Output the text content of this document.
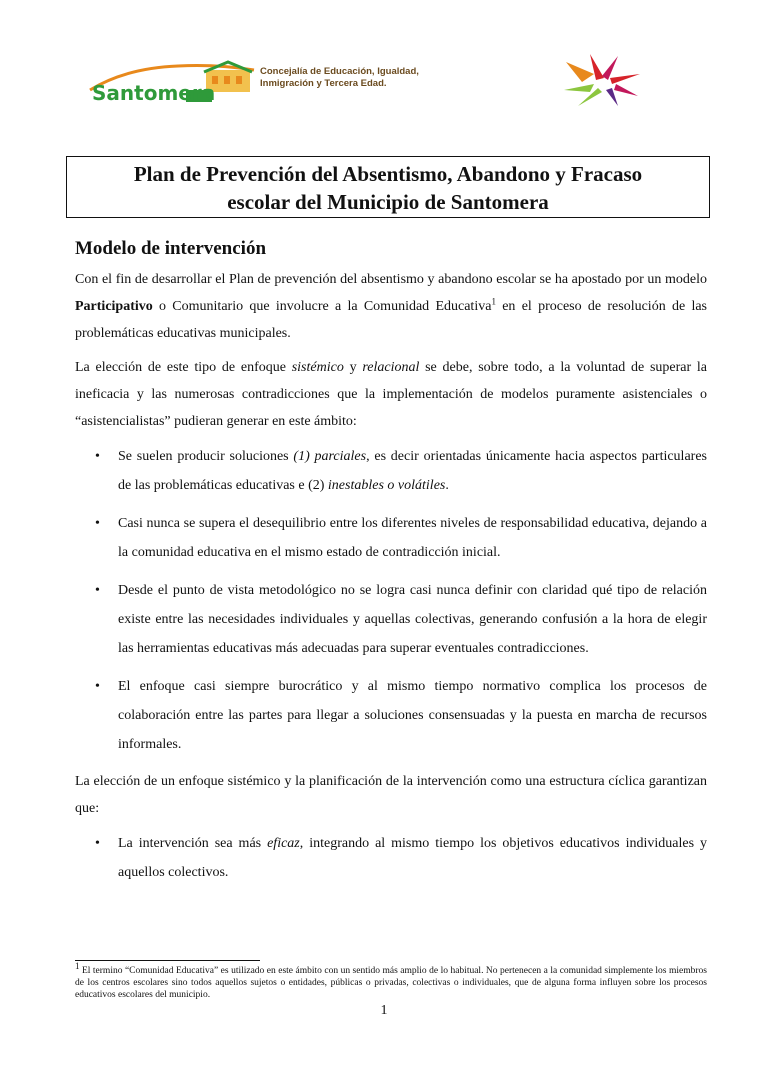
Santomera
Concejalía de Educación, Igualdad,
Inmigración y Tercera Edad.
Plan de Prevención del Absentismo, Abandono y Fracaso
escolar del Municipio de Santomera
Modelo de intervención

Con el fin de desarrollar el Plan de prevención del absentismo y abandono escolar se ha apostado por un modelo Participativo o Comunitario que involucre a la Comunidad Educativa$^1$ en el proceso de resolución de las problemáticas educativas municipales.

La elección de este tipo de enfoque sistémico y relacional se debe, sobre todo, a la voluntad de superar la ineficacia y las numerosas contradicciones que la implementación de modelos puramente asistenciales o “asistencialistas” pudieran generar en este ámbito:

• Se suelen producir soluciones (1) parciales, es decir orientadas únicamente hacia aspectos particulares de las problemáticas educativas e (2) inestables o volátiles.
• Casi nunca se supera el desequilibrio entre los diferentes niveles de responsabilidad educativa, dejando a la comunidad educativa en el mismo estado de contradicción inicial.
• Desde el punto de vista metodológico no se logra casi nunca definir con claridad qué tipo de relación existe entre las necesidades individuales y aquellas colectivas, generando confusión a la hora de elegir las herramientas educativas más adecuadas para superar eventuales contradicciones.
• El enfoque casi siempre burocrático y al mismo tiempo normativo complica los procesos de colaboración entre las partes para llegar a soluciones consensuadas y la puesta en marcha de recursos informales.

La elección de un enfoque sistémico y la planificación de la intervención como una estructura cíclica garantizan que:

• La intervención sea más eficaz, integrando al mismo tiempo los objetivos educativos individuales y aquellos colectivos.
1 El termino “Comunidad Educativa” es utilizado en este ámbito con un sentido más amplio de lo habitual. No pertenecen a la comunidad simplemente los miembros de los centros escolares sino todos aquellos sujetos o entidades, públicas o privadas, colectivas o individuales, que de alguna forma influyen sobre los procesos educativos escolares del municipio.
1
